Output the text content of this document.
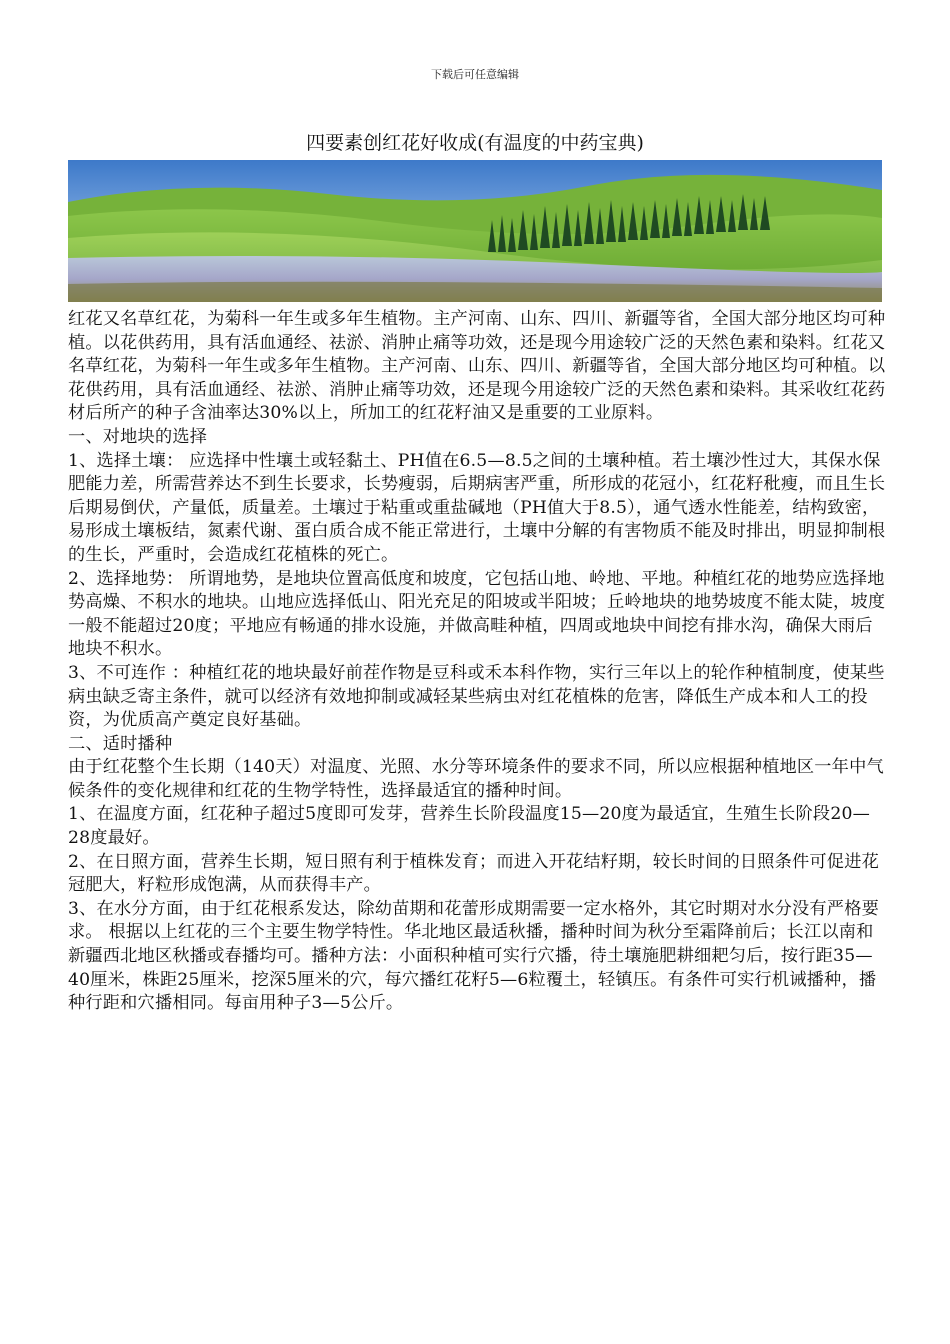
下载后可任意编辑
四要素创红花好收成(有温度的中药宝典)

红花又名草红花，为菊科一年生或多年生植物。主产河南、山东、四川、新疆等省，全国大部分地区均可种植。以花供药用，具有活血通经、祛淤、消肿止痛等功效，还是现今用途较广泛的天然色素和染料。红花又名草红花，为菊科一年生或多年生植物。主产河南、山东、四川、新疆等省，全国大部分地区均可种植。以花供药用，具有活血通经、祛淤、消肿止痛等功效，还是现今用途较广泛的天然色素和染料。其采收红花药材后所产的种子含油率达30%以上，所加工的红花籽油又是重要的工业原料。

一、对地块的选择

1、选择土壤： 应选择中性壤土或轻黏土、PH值在6.5—8.5之间的土壤种植。若土壤沙性过大，其保水保肥能力差，所需营养达不到生长要求，长势瘦弱，后期病害严重，所形成的花冠小，红花籽秕瘦，而且生长后期易倒伏，产量低，质量差。土壤过于粘重或重盐碱地（PH值大于8.5），通气透水性能差，结构致密，易形成土壤板结，氮素代谢、蛋白质合成不能正常进行，土壤中分解的有害物质不能及时排出，明显抑制根的生长，严重时，会造成红花植株的死亡。

2、选择地势： 所谓地势，是地块位置高低度和坡度，它包括山地、岭地、平地。种植红花的地势应选择地势高燥、不积水的地块。山地应选择低山、阳光充足的阳坡或半阳坡；丘岭地块的地势坡度不能太陡，坡度一般不能超过20度；平地应有畅通的排水设施，并做高畦种植，四周或地块中间挖有排水沟，确保大雨后地块不积水。

3、不可连作 ：种植红花的地块最好前茬作物是豆科或禾本科作物，实行三年以上的轮作种植制度，使某些病虫缺乏寄主条件，就可以经济有效地抑制或减轻某些病虫对红花植株的危害，降低生产成本和人工的投资，为优质高产奠定良好基础。

二、适时播种

由于红花整个生长期（140天）对温度、光照、水分等环境条件的要求不同，所以应根据种植地区一年中气候条件的变化规律和红花的生物学特性，选择最适宜的播种时间。

1、在温度方面，红花种子超过5度即可发芽，营养生长阶段温度15—20度为最适宜，生殖生长阶段20—28度最好。

2、在日照方面，营养生长期，短日照有利于植株发育；而进入开花结籽期，较长时间的日照条件可促进花冠肥大，籽粒形成饱满，从而获得丰产。

3、在水分方面，由于红花根系发达，除幼苗期和花蕾形成期需要一定水格外，其它时期对水分没有严格要求。 根据以上红花的三个主要生物学特性。华北地区最适秋播，播种时间为秋分至霜降前后；长江以南和新疆西北地区秋播或春播均可。播种方法：小面积种植可实行穴播，待土壤施肥耕细耙匀后，按行距35—40厘米，株距25厘米，挖深5厘米的穴，每穴播红花籽5—6粒覆土，轻镇压。有条件可实行机诫播种，播种行距和穴播相同。每亩用种子3—5公斤。
